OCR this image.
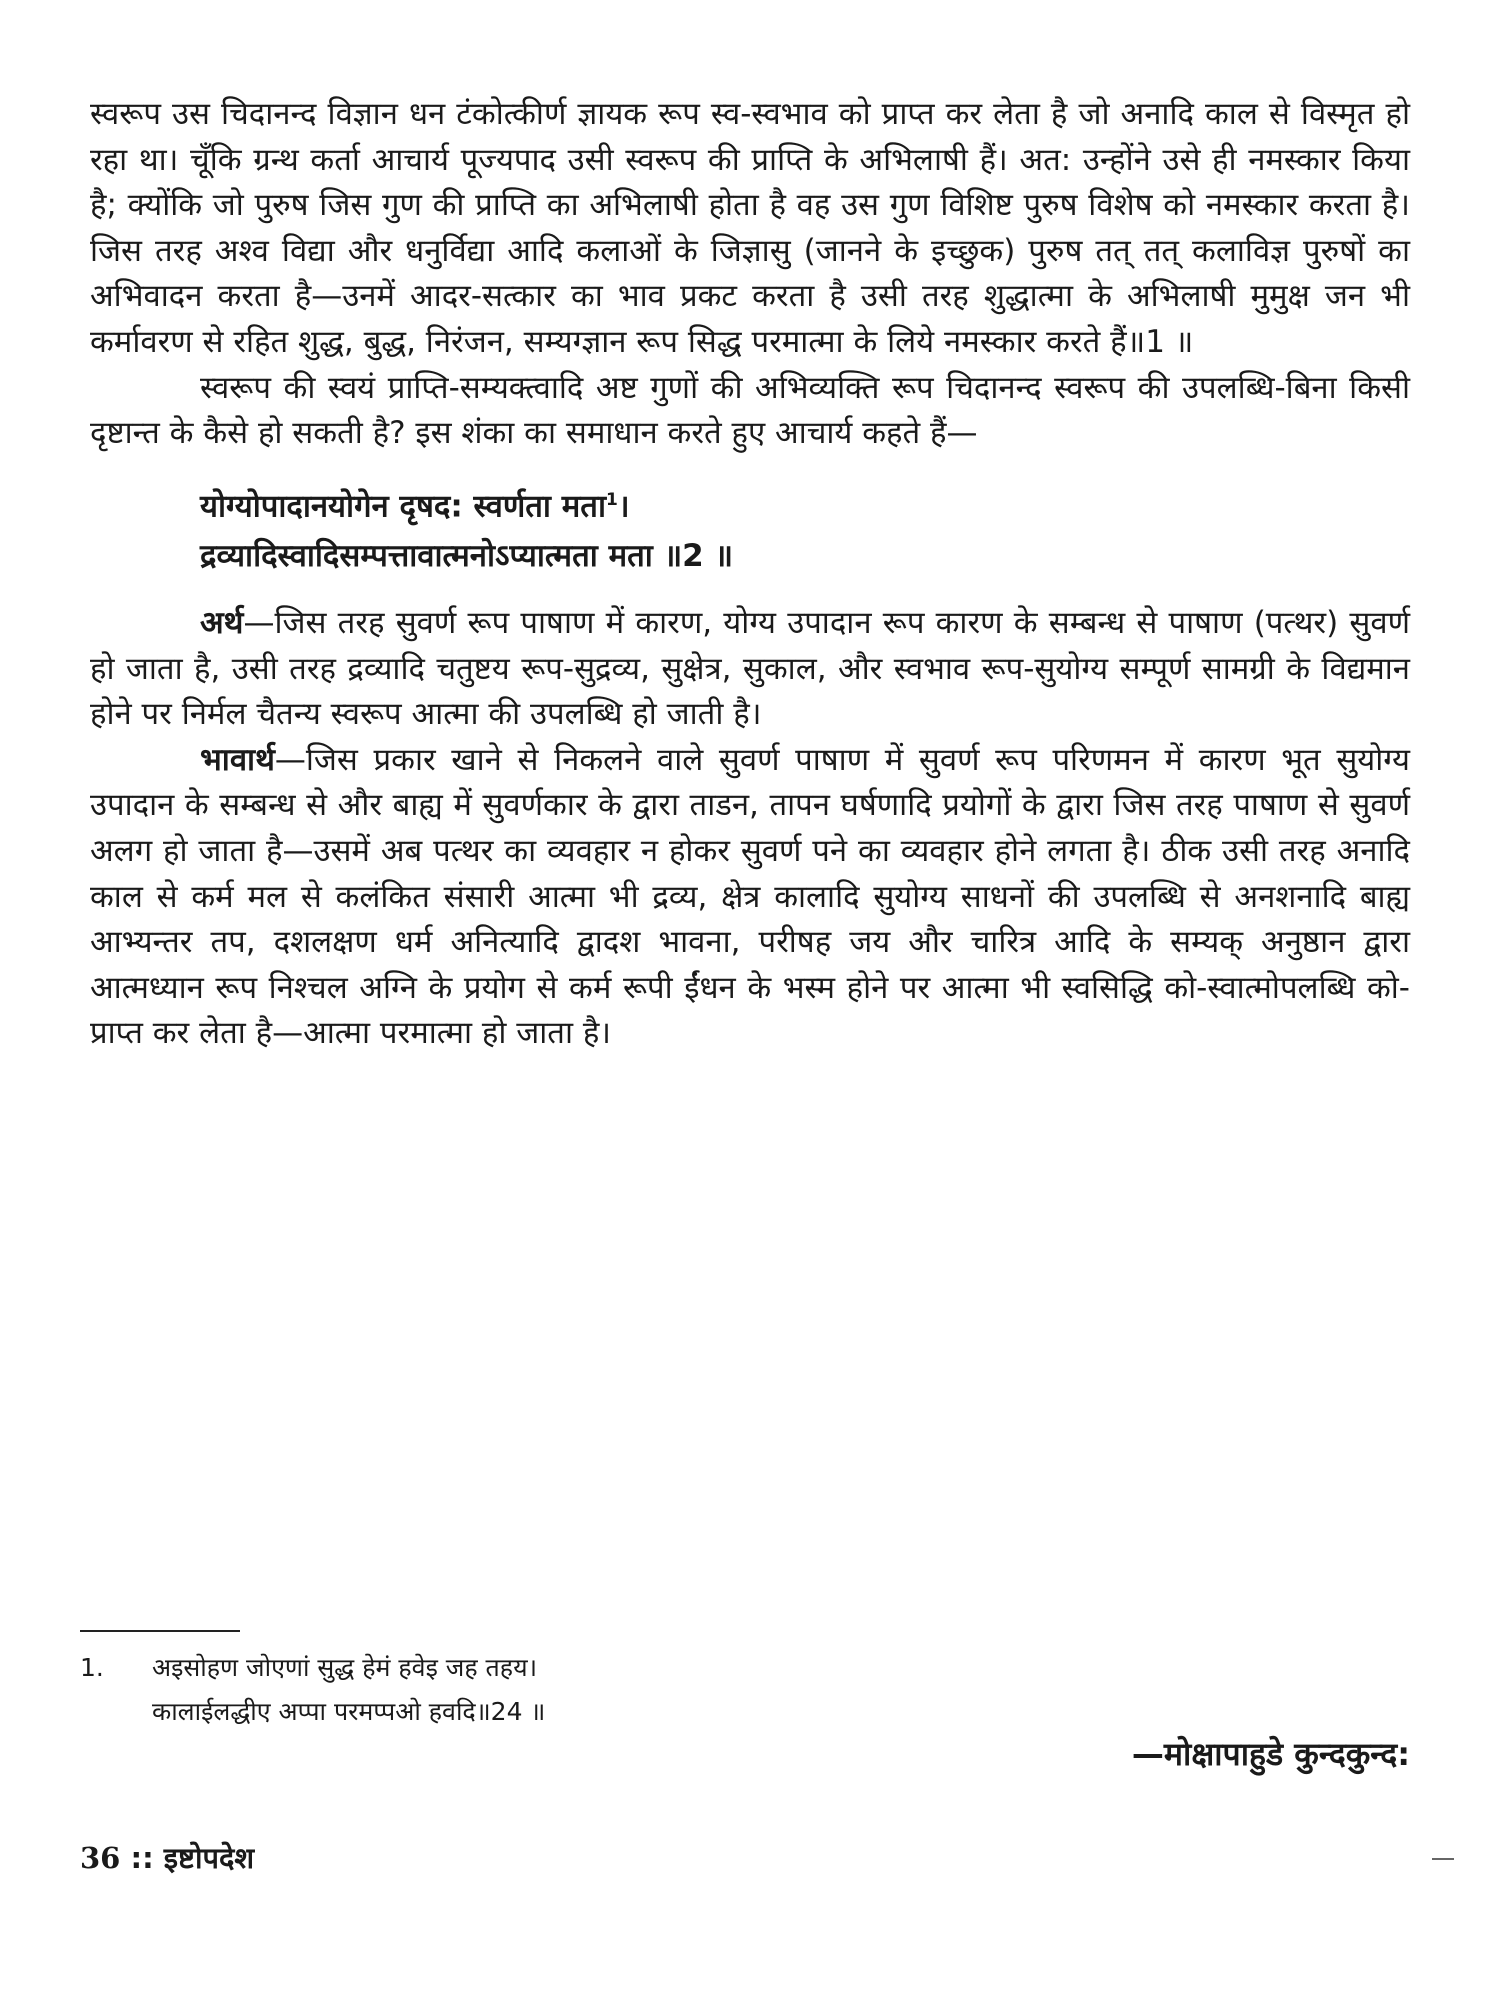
स्वरूप उस चिदानन्द विज्ञान धन टंकोत्कीर्ण ज्ञायक रूप स्व-स्वभाव को प्राप्त कर लेता है जो अनादि काल से विस्मृत हो रहा था। चूँकि ग्रन्थ कर्ता आचार्य पूज्यपाद उसी स्वरूप की प्राप्ति के अभिलाषी हैं। अत: उन्होंने उसे ही नमस्कार किया है; क्योंकि जो पुरुष जिस गुण की प्राप्ति का अभिलाषी होता है वह उस गुण विशिष्ट पुरुष विशेष को नमस्कार करता है। जिस तरह अश्व विद्या और धनुर्विद्या आदि कलाओं के जिज्ञासु (जानने के इच्छुक) पुरुष तत् तत् कलाविज्ञ पुरुषों का अभिवादन करता है—उनमें आदर-सत्कार का भाव प्रकट करता है उसी तरह शुद्धात्मा के अभिलाषी मुमुक्ष जन भी कर्मावरण से रहित शुद्ध, बुद्ध, निरंजन, सम्यग्ज्ञान रूप सिद्ध परमात्मा के लिये नमस्कार करते हैं॥1 ॥

स्वरूप की स्वयं प्राप्ति-सम्यक्त्वादि अष्ट गुणों की अभिव्यक्ति रूप चिदानन्द स्वरूप की उपलब्धि-बिना किसी दृष्टान्त के कैसे हो सकती है? इस शंका का समाधान करते हुए आचार्य कहते हैं—

योग्योपादानयोगेन दृषद: स्वर्णता मता$^1$।
द्रव्यादिस्वादिसम्पत्तावात्मनोऽप्यात्मता मता ॥2 ॥

अर्थ—जिस तरह सुवर्ण रूप पाषाण में कारण, योग्य उपादान रूप कारण के सम्बन्ध से पाषाण (पत्थर) सुवर्ण हो जाता है, उसी तरह द्रव्यादि चतुष्टय रूप-सुद्रव्य, सुक्षेत्र, सुकाल, और स्वभाव रूप-सुयोग्य सम्पूर्ण सामग्री के विद्यमान होने पर निर्मल चैतन्य स्वरूप आत्मा की उपलब्धि हो जाती है।

भावार्थ—जिस प्रकार खाने से निकलने वाले सुवर्ण पाषाण में सुवर्ण रूप परिणमन में कारण भूत सुयोग्य उपादान के सम्बन्ध से और बाह्य में सुवर्णकार के द्वारा ताडन, तापन घर्षणादि प्रयोगों के द्वारा जिस तरह पाषाण से सुवर्ण अलग हो जाता है—उसमें अब पत्थर का व्यवहार न होकर सुवर्ण पने का व्यवहार होने लगता है। ठीक उसी तरह अनादि काल से कर्म मल से कलंकित संसारी आत्मा भी द्रव्य, क्षेत्र कालादि सुयोग्य साधनों की उपलब्धि से अनशनादि बाह्य आभ्यन्तर तप, दशलक्षण धर्म अनित्यादि द्वादश भावना, परीषह जय और चारित्र आदि के सम्यक् अनुष्ठान द्वारा आत्मध्यान रूप निश्चल अग्नि के प्रयोग से कर्म रूपी ईंधन के भस्म होने पर आत्मा भी स्वसिद्धि को-स्वात्मोपलब्धि को-प्राप्त कर लेता है—आत्मा परमात्मा हो जाता है।

1. अइसोहण जोएणां सुद्ध हेमं हवेइ जह तहय।
कालाईलद्धीए अप्पा परमप्पओ हवदि॥24 ॥
—मोक्षापाहुडे कुन्दकुन्द:
36 :: इष्टोपदेश
